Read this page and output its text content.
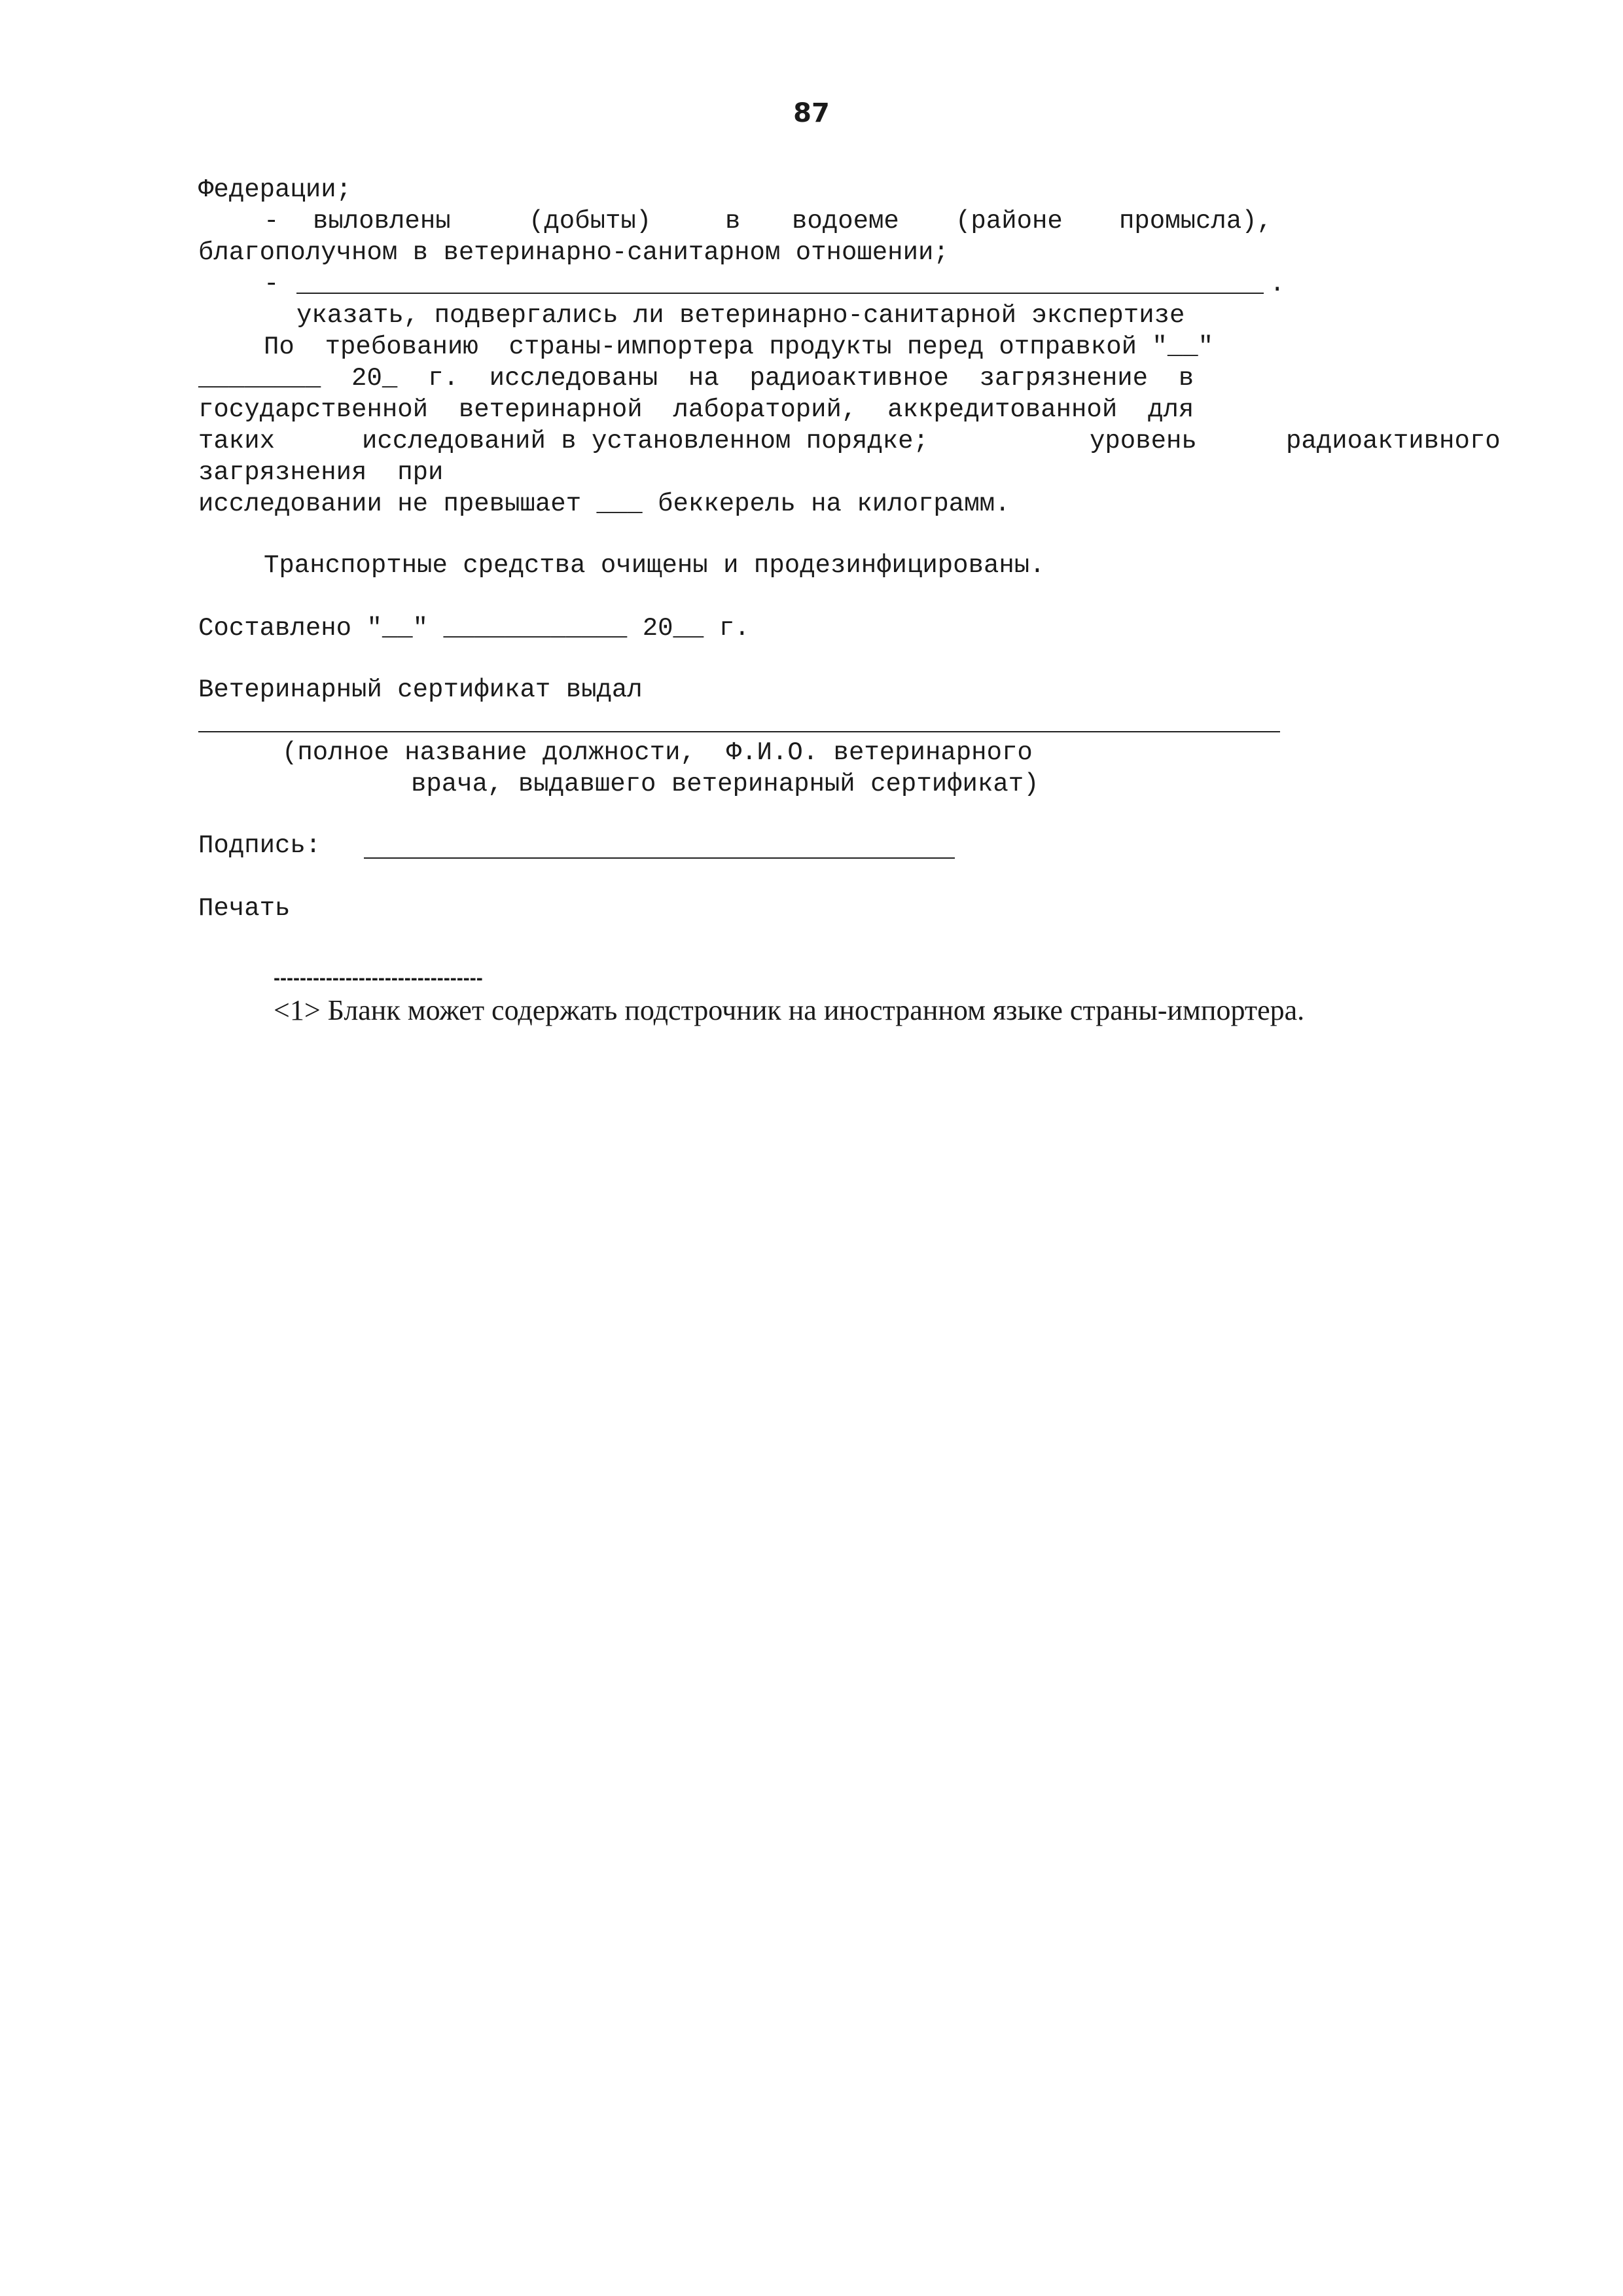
87
Федерации;
- выловлены	(добыты)	в водоеме (районе промысла),
благополучном в ветеринарно-санитарном отношении;
-	.
указать, подвергались ли ветеринарно-санитарной экспертизе
По  требованию  страны-импортера продукты перед отправкой "__"
________  20_  г.  исследованы  на  радиоактивное  загрязнение  в
государственной  ветеринарной  лабораторий,  аккредитованной  для
таких	исследований в установленном порядке;	уровень	радиоактивного
загрязнения  при
исследовании не превышает ___ беккерель на килограмм.
Транспортные средства очищены и продезинфицированы.
Составлено "__" ____________ 20__ г.
Ветеринарный сертификат выдал
(полное название должности,  Ф.И.О. ветеринарного
врача, выдавшего ветеринарный сертификат)
Подпись:
Печать
--------------------------------
<1> Бланк может содержать подстрочник на иностранном языке страны-импортера.
